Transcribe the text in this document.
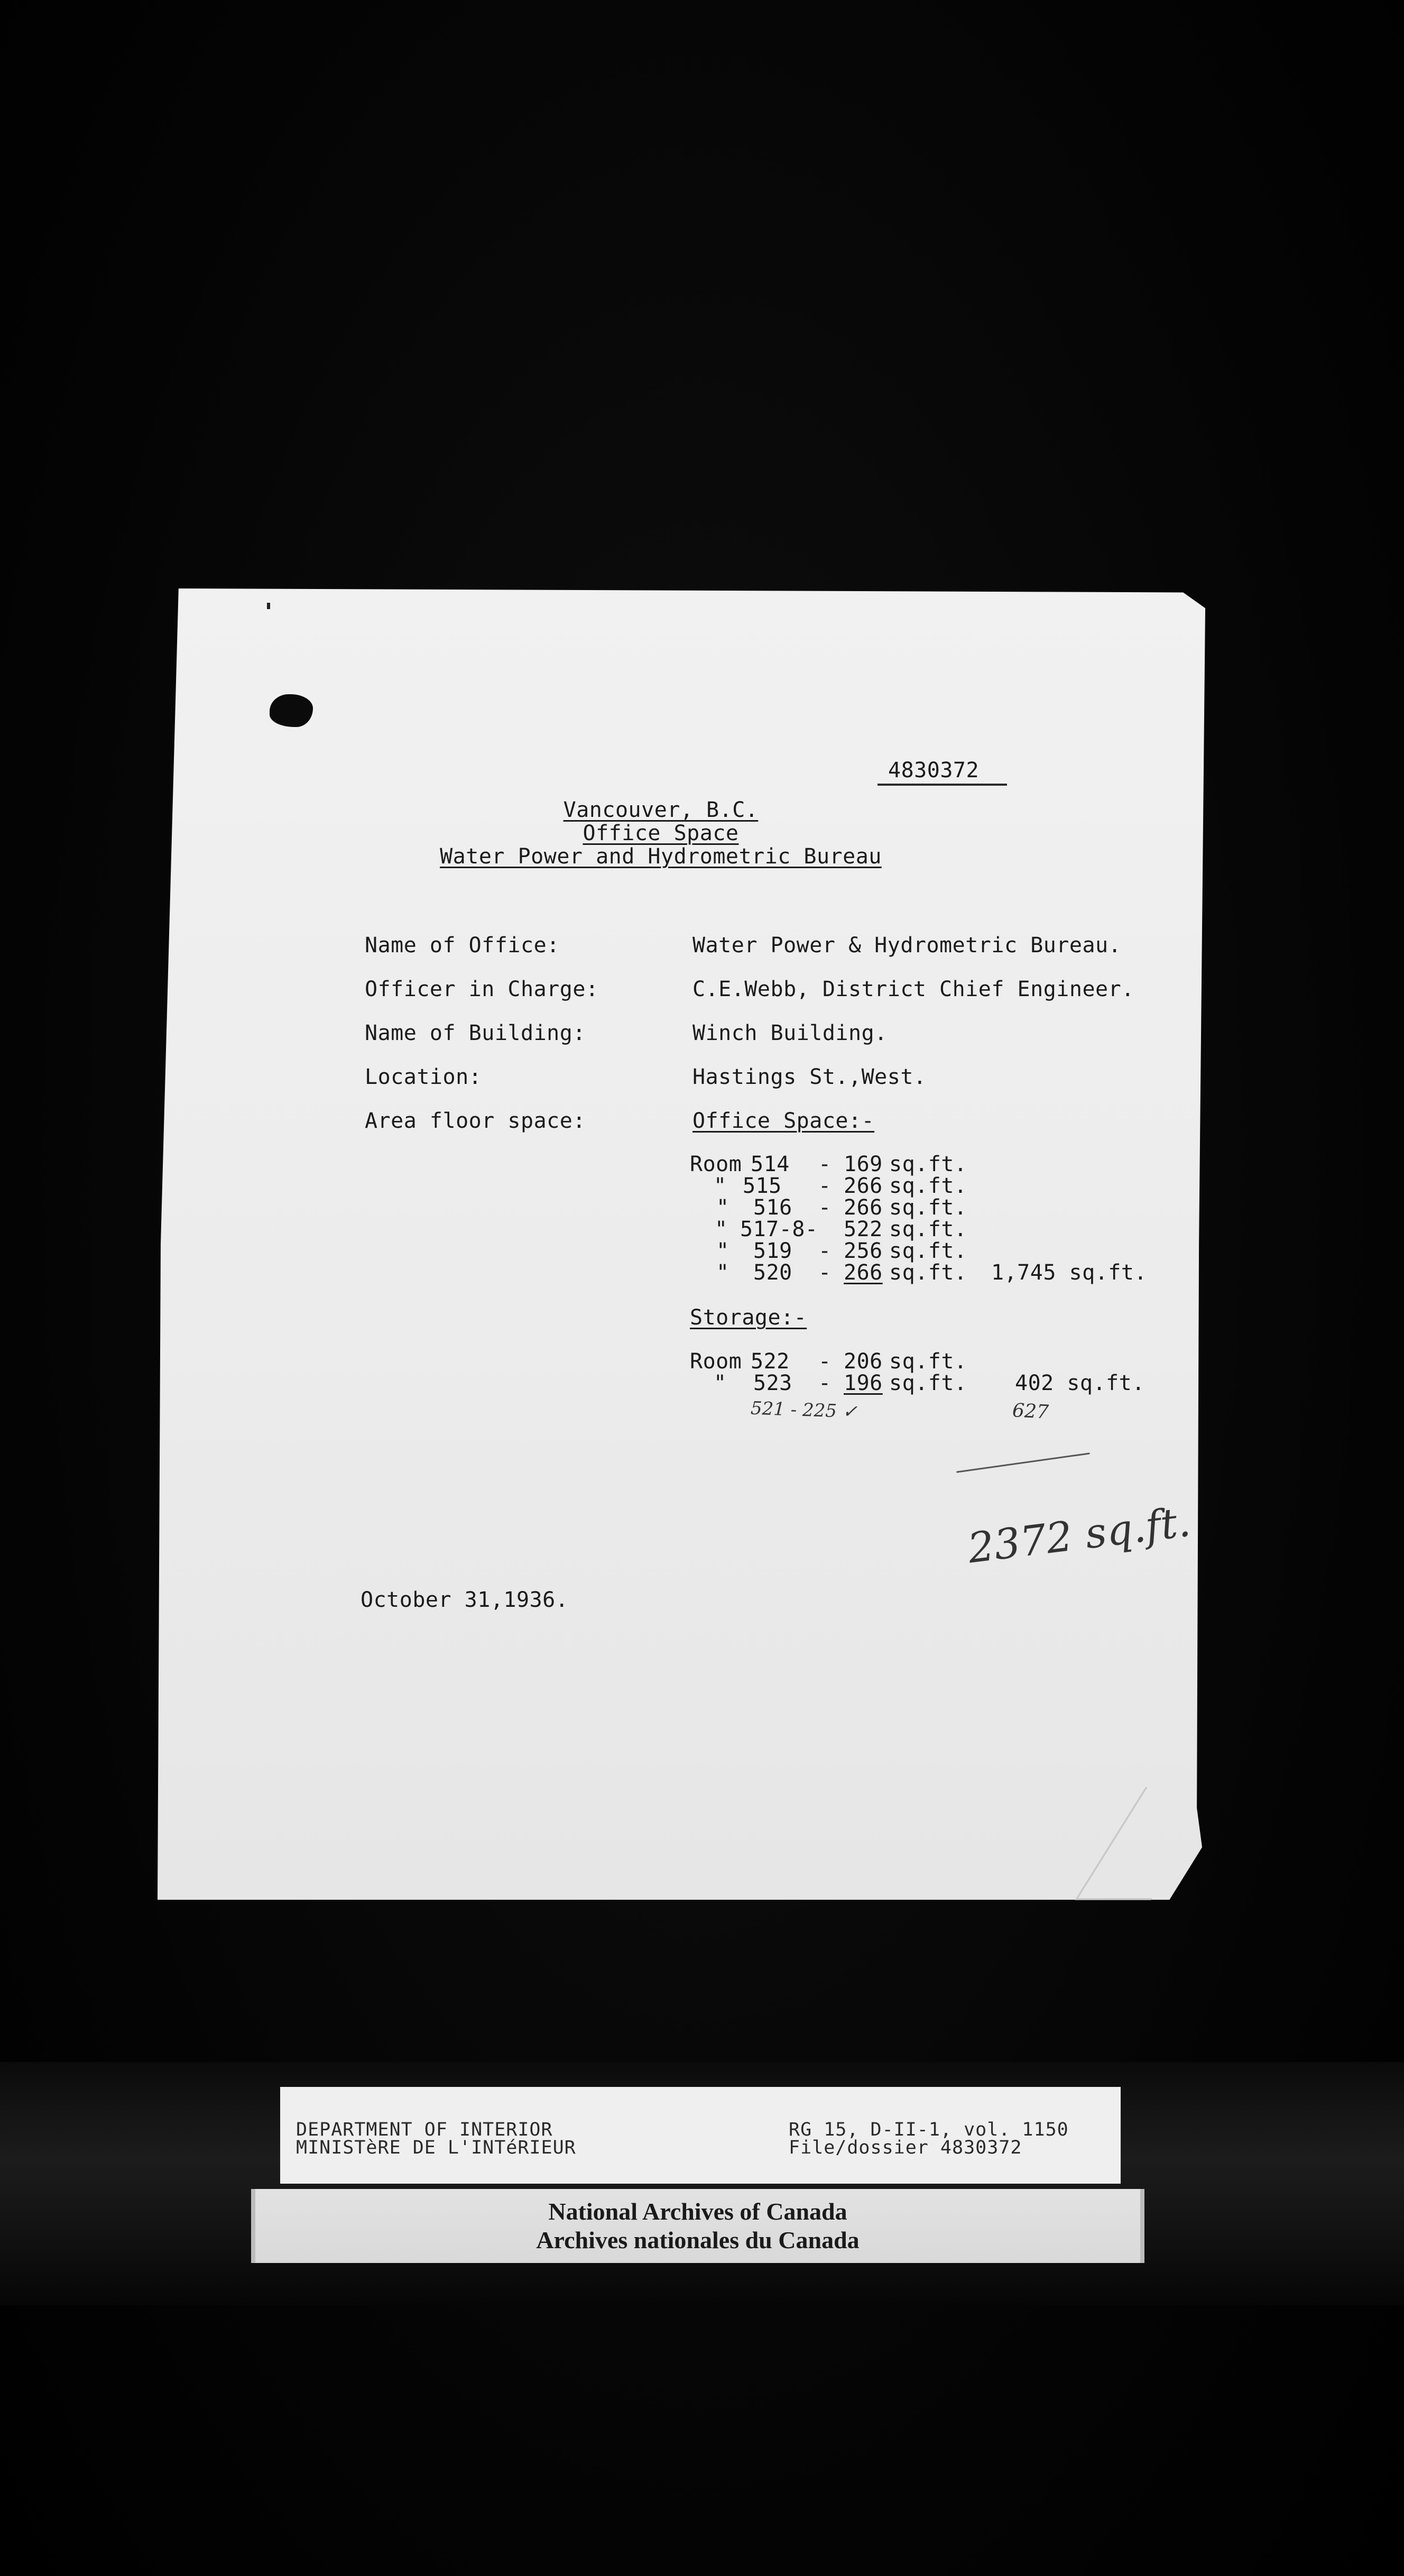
4830372
Vancouver, B.C.
Office Space
Water Power and Hydrometric Bureau
Name of Office:	Water Power & Hydrometric Bureau.
Officer in Charge:	C.E.Webb, District Chief Engineer.
Name of Building:	Winch Building.
Location:	Hastings St.,West.
Area floor space:	Office Space:-
Room 514 - 169 sq.ft.
" 515 - 266 sq.ft.
" 516 - 266 sq.ft.
" 517-8- 522 sq.ft.
" 519 - 256 sq.ft.
" 520 - 266 sq.ft. 1,745 sq.ft.
Storage:-
Room 522 - 206 sq.ft.
" 523 - 196 sq.ft. 402 sq.ft.
521 - 225 ✓	627
2372 sq.ft.
October 31,1936.
DEPARTMENT OF INTERIOR
MINISTèRE DE L'INTéRIEUR
RG 15, D-II-1, vol. 1150
File/dossier 4830372
National Archives of Canada
Archives nationales du Canada
